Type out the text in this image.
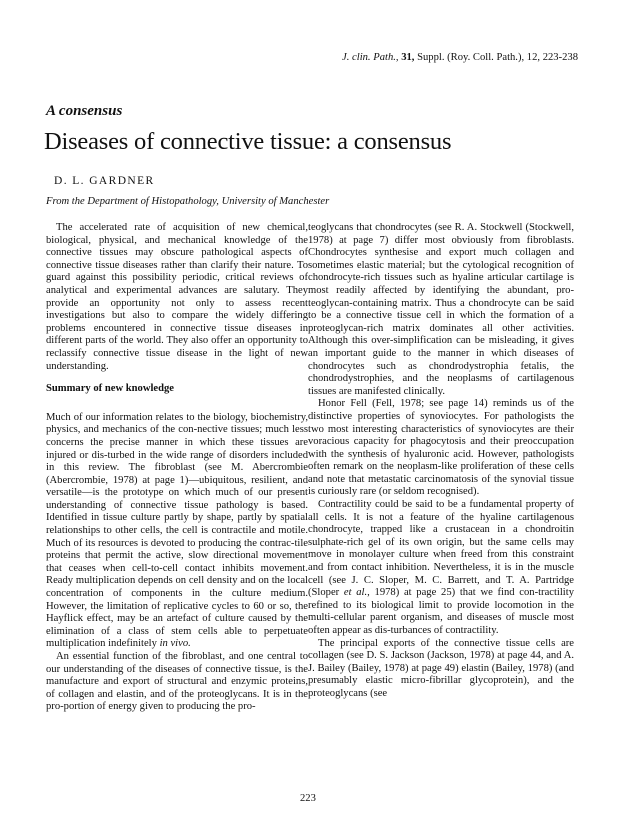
J. clin. Path., 31, Suppl. (Roy. Coll. Path.), 12, 223-238
A consensus
Diseases of connective tissue: a consensus
D. L. GARDNER
From the Department of Histopathology, University of Manchester

The accelerated rate of acquisition of new chemical, biological, physical, and mechanical knowledge of the connective tissues may obscure pathological aspects of connective tissue diseases rather than clarify their nature. To guard against this possibility periodic, critical reviews of analytical and experimental advances are salutary. They provide an opportunity not only to assess recent investigations but also to compare the widely differing problems encountered in connective tissue diseases in different parts of the world. They also offer an opportunity to reclassify connective tissue disease in the light of new understanding.

Summary of new knowledge

Much of our information relates to the biology, biochemistry, physics, and mechanics of the con-nective tissues; much less concerns the precise manner in which these tissues are injured or dis-turbed in the wide range of disorders included in this review. The fibroblast (see M. Abercrombie (Abercrombie, 1978) at page 1)—ubiquitous, resilient, and versatile—is the prototype on which much of our present understanding of connective tissue pathology is based. Identified in tissue culture partly by shape, partly by spatial relationships to other cells, the cell is contractile and motile. Much of its resources is devoted to producing the contrac-tile proteins that permit the active, slow directional movement that ceases when cell-to-cell contact inhibits movement. Ready multiplication depends on cell density and on the local concentration of components in the culture medium. However, the limitation of replicative cycles to 60 or so, the Hayflick effect, may be an artefact of culture caused by the elimination of a class of stem cells able to perpetuate multiplication indefinitely in vivo.

An essential function of the fibroblast, and one central to our understanding of the diseases of connective tissue, is the manufacture and export of structural and enzymic proteins, of collagen and elastin, and of the proteoglycans. It is in the pro-portion of energy given to producing the pro-

teoglycans that chondrocytes (see R. A. Stockwell (Stockwell, 1978) at page 7) differ most obviously from fibroblasts. Chondrocytes synthesise and export much collagen and sometimes elastic material; but the cytological recognition of chondrocyte-rich tissues such as hyaline articular cartilage is most readily affected by identifying the abundant, pro-teoglycan-containing matrix. Thus a chondrocyte can be said to be a connective tissue cell in which the formation of a proteoglycan-rich matrix dominates all other activities. Although this over-simplification can be misleading, it gives an important guide to the manner in which diseases of chondrocytes such as chondrodystrophia fetalis, the chondrodystrophies, and the neoplasms of cartilagenous tissues are manifested clinically.

Honor Fell (Fell, 1978; see page 14) reminds us of the distinctive properties of synoviocytes. For pathologists the two most interesting characteristics of synoviocytes are their voracious capacity for phagocytosis and their preoccupation with the synthesis of hyaluronic acid. However, pathologists often remark on the neoplasm-like proliferation of these cells and note that metastatic carcinomatosis of the synovial tissue is curiously rare (or seldom recognised).

Contractility could be said to be a fundamental property of all cells. It is not a feature of the hyaline cartilagenous chondrocyte, trapped like a crustacean in a chondroitin sulphate-rich gel of its own origin, but the same cells may move in monolayer culture when freed from this constraint and from contact inhibition. Nevertheless, it is in the muscle cell (see J. C. Sloper, M. C. Barrett, and T. A. Partridge (Sloper et al., 1978) at page 25) that we find con-tractility refined to its biological limit to provide locomotion in the multi-cellular parent organism, and diseases of muscle most often appear as dis-turbances of contractility.

The principal exports of the connective tissue cells are collagen (see D. S. Jackson (Jackson, 1978) at page 44, and A. J. Bailey (Bailey, 1978) at page 49) elastin (Bailey, 1978) (and presumably elastic micro-fibrillar glycoprotein), and the proteoglycans (see

223
